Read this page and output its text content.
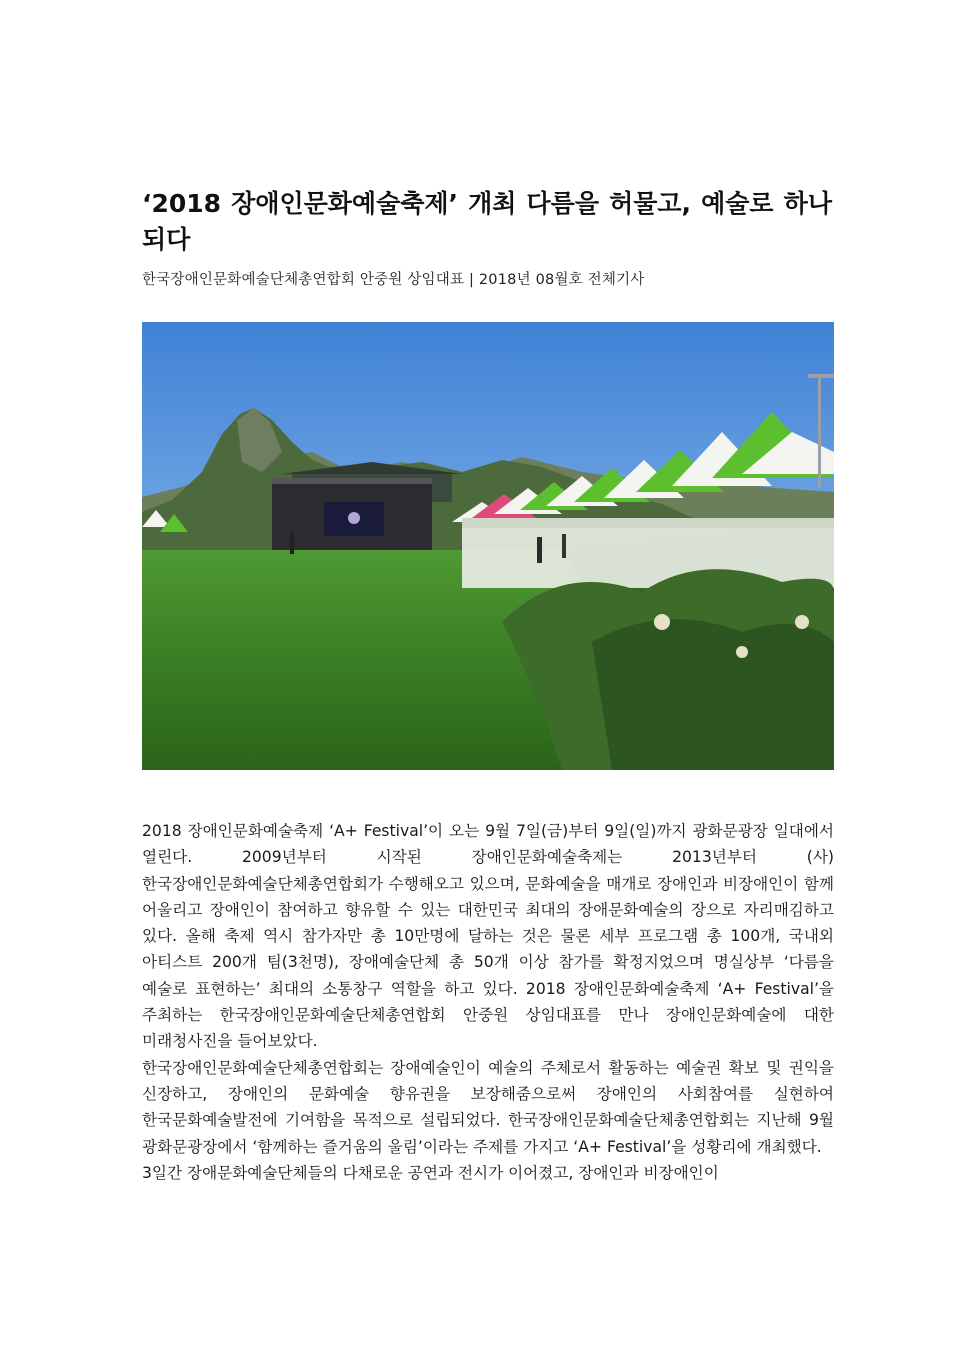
‘2018 장애인문화예술축제’ 개최 다름을 허물고, 예술로 하나되다
한국장애인문화예술단체총연합회 안중원 상임대표 | 2018년 08월호 전체기사

2018 장애인문화예술축제 ‘A+ Festival’이 오는 9월 7일(금)부터 9일(일)까지 광화문광장 일대에서 열린다. 2009년부터 시작된 장애인문화예술축제는 2013년부터 (사)한국장애인문화예술단체총연합회가 수행해오고 있으며, 문화예술을 매개로 장애인과 비장애인이 함께 어울리고 장애인이 참여하고 향유할 수 있는 대한민국 최대의 장애문화예술의 장으로 자리매김하고 있다. 올해 축제 역시 참가자만 총 10만명에 달하는 것은 물론 세부 프로그램 총 100개, 국내외 아티스트 200개 팀(3천명), 장애예술단체 총 50개 이상 참가를 확정지었으며 명실상부 ‘다름을 예술로 표현하는’ 최대의 소통창구 역할을 하고 있다. 2018 장애인문화예술축제 ‘A+ Festival’을 주최하는 한국장애인문화예술단체총연합회 안중원 상임대표를 만나 장애인문화예술에 대한 미래청사진을 들어보았다.

한국장애인문화예술단체총연합회는 장애예술인이 예술의 주체로서 활동하는 예술권 확보 및 권익을 신장하고, 장애인의 문화예술 향유권을 보장해줌으로써 장애인의 사회참여를 실현하여 한국문화예술발전에 기여함을 목적으로 설립되었다. 한국장애인문화예술단체총연합회는 지난해 9월 광화문광장에서 ‘함께하는 즐거움의 울림’이라는 주제를 가지고 ‘A+ Festival’을 성황리에 개최했다.

3일간 장애문화예술단체들의 다채로운 공연과 전시가 이어졌고, 장애인과 비장애인이
